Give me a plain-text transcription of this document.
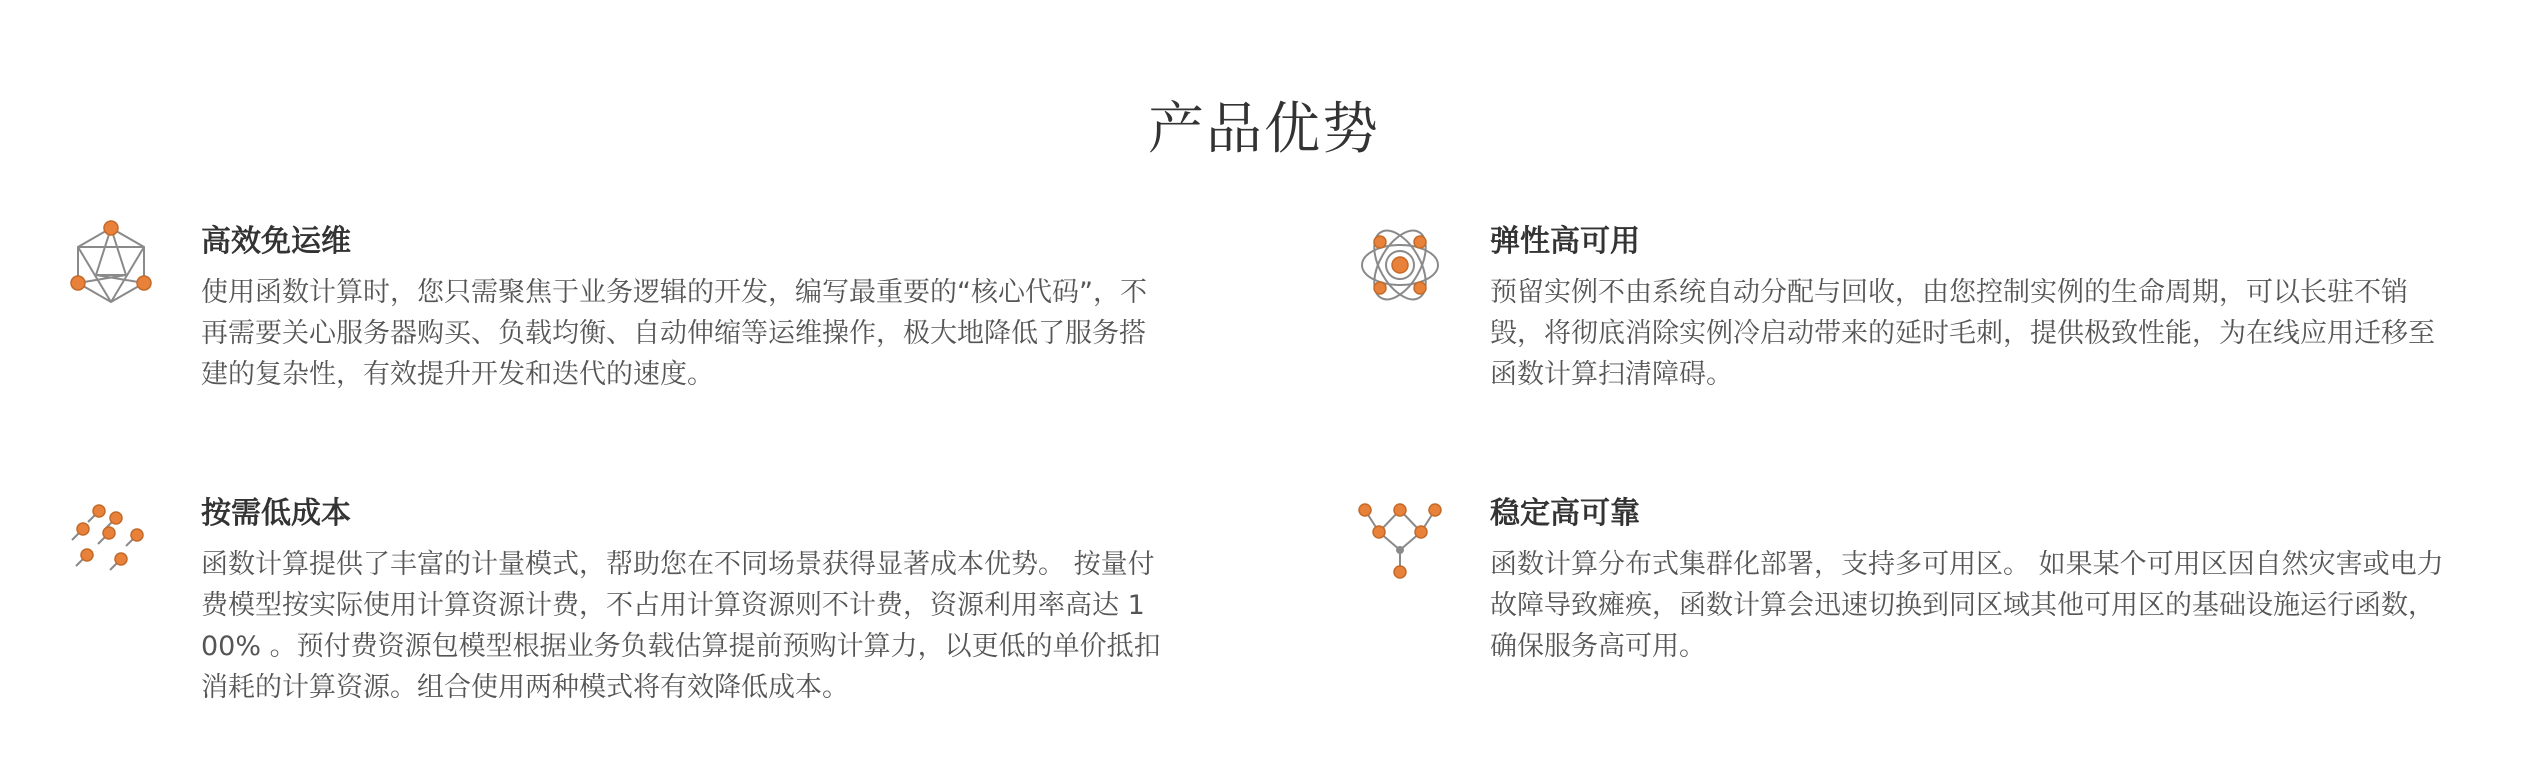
产品优势
高效免运维

使用函数计算时，您只需聚焦于业务逻辑的开发，编写最重要的“核心代码”，不再需要关心服务器购买、负载均衡、自动伸缩等运维操作，极大地降低了服务搭建的复杂性，有效提升开发和迭代的速度。

弹性高可用

预留实例不由系统自动分配与回收，由您控制实例的生命周期，可以长驻不销毁，将彻底消除实例冷启动带来的延时毛刺，提供极致性能，为在线应用迁移至函数计算扫清障碍。

按需低成本

函数计算提供了丰富的计量模式，帮助您在不同场景获得显著成本优势。 按量付费模型按实际使用计算资源计费，不占用计算资源则不计费，资源利用率高达 100% 。预付费资源包模型根据业务负载估算提前预购计算力，以更低的单价抵扣消耗的计算资源。组合使用两种模式将有效降低成本。

稳定高可靠

函数计算分布式集群化部署，支持多可用区。 如果某个可用区因自然灾害或电力故障导致瘫痪，函数计算会迅速切换到同区域其他可用区的基础设施运行函数，确保服务高可用。
